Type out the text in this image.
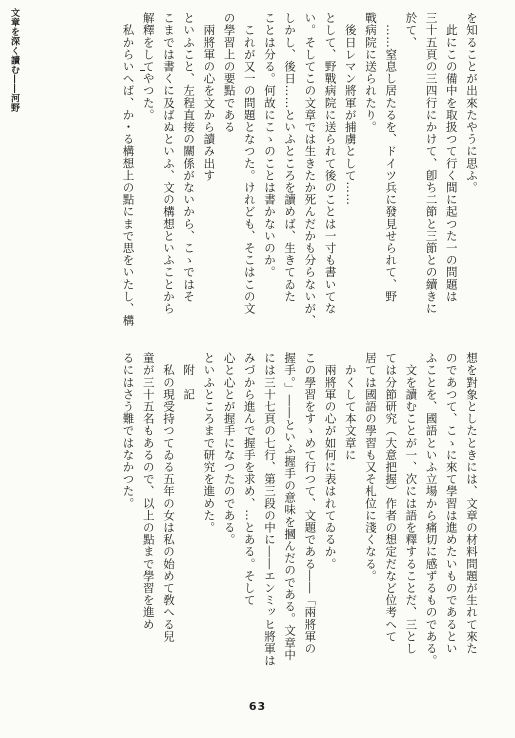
文章を深く讀む――河野	を知ることが出來たやうに思ふ。
　此にこの備中を取扱つて行く間に起つた一の問題は
三十五頁の三四行にかけて、卽ち二節と三節との續きに
於て、
　……窒息し居たるを、ドイツ兵に發見せられて、野
戰病院に送られたり。
　後日レマン將軍が捕虜として……
として、野戰病院に送られて後のことは一寸も書いてな
い。そしてこの文章では生きたか死んだかも分らないが、
しかし、後日……といふところを讀めば、生きてゐた
ことは分る。何故にこゝのことは書かないのか。
　これが又一の問題となつた。けれども、そこはこの文
の學習上の要點である
　兩將軍の心を文から讀み出す
といふこと、左程直接の關係がないから、こゝではそ
こまでは書くに及ばぬといふ、文の構想といふことから
解釋をしてやつた。
　私からいへば、か・る構想上の點にまで思をいたし、構
想を對象としたときには、文章の材料問題が生れて來た
のであつて、こゝに來て學習は進めたいものであるとい
ふことを、國語といふ立場から痛切に感ずるものである。
　文を讀むことが一、次には語を釋することだ、三とし
ては分節研究（大意把握）作者の想定だなど位考へて
居ては國語の學習も又そ札位に淺くなる。
　かくして本文章に
　兩將軍の心が如何に表はれてゐるか。
この學習をすゝめて行つて、文題である――「兩將軍の
握手。」――といふ握手の意味を摑んだのである。文章中
には三十七頁の七行、第三段の中に――エンミッヒ將軍は
みづから進んで握手を求め、…とある。そして
心と心とが握手になつたのである。
といふところまで研究を進めた。
　附　記
　私の現受持つてゐる五年の女は私の始めて敎へる兒
童が三十五名もあるので、以上の點まで學習を進め
るにはさう難ではなかつた。
63
